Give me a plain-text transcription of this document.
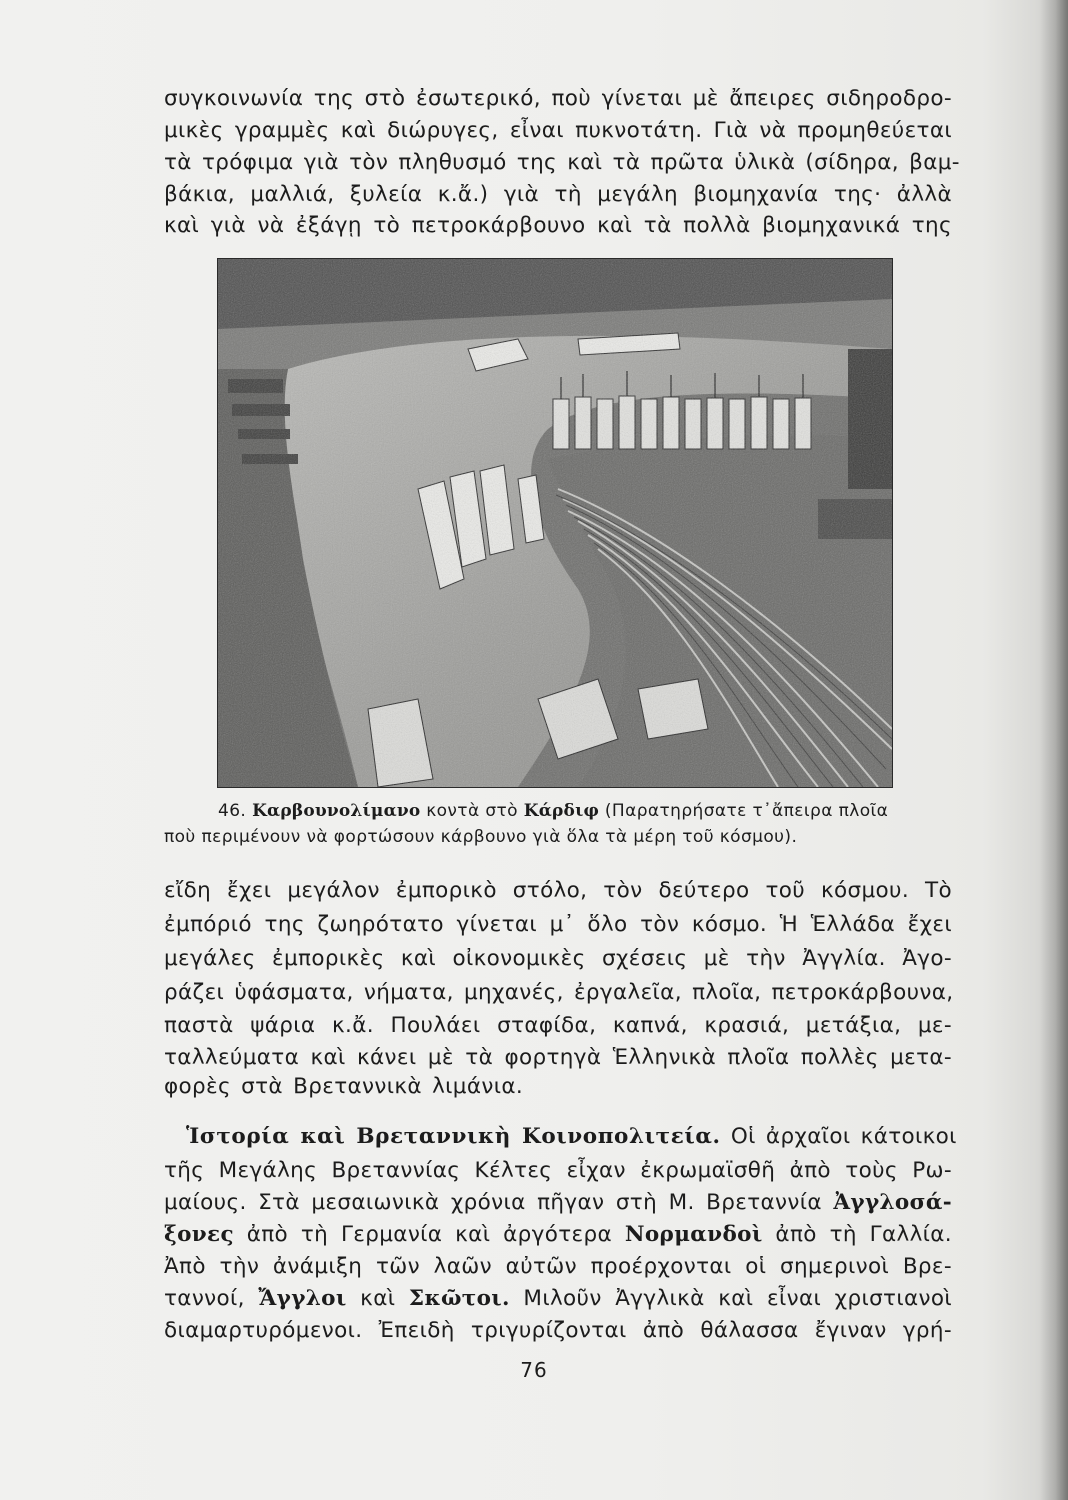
συγκοινωνία της στὸ ἐσωτερικό, ποὺ γίνεται μὲ ἄπειρες σιδηροδρο-
μικὲς γραμμὲς καὶ διώρυγες, εἶναι πυκνοτάτη. Γιὰ νὰ προμηθεύεται
τὰ τρόφιμα γιὰ τὸν πληθυσμό της καὶ τὰ πρῶτα ὑλικὰ (σίδηρα, βαμ-
βάκια, μαλλιά, ξυλεία κ.ἄ.) γιὰ τὴ μεγάλη βιομηχανία της· ἀλλὰ
καὶ γιὰ νὰ ἐξάγῃ τὸ πετροκάρβουνο καὶ τὰ πολλὰ βιομηχανικά της
46. Καρβουνολίμανο κοντὰ στὸ Κάρδιφ (Παρατηρήσατε τ᾽ἄπειρα πλοῖα
ποὺ περιμένουν νὰ φορτώσουν κάρβουνο γιὰ ὅλα τὰ μέρη τοῦ κόσμου).
εἴδη ἔχει μεγάλον ἐμπορικὸ στόλο, τὸν δεύτερο τοῦ κόσμου. Τὸ
ἐμπόριό της ζωηρότατο γίνεται μ᾽ ὅλο τὸν κόσμο. Ἡ Ἑλλάδα ἔχει
μεγάλες ἐμπορικὲς καὶ οἰκονομικὲς σχέσεις μὲ τὴν Ἀγγλία. Ἀγο-
ράζει ὑφάσματα, νήματα, μηχανές, ἐργαλεῖα, πλοῖα, πετροκάρβουνα,
παστὰ ψάρια κ.ἄ. Πουλάει σταφίδα, καπνά, κρασιά, μετάξια, με-
ταλλεύματα καὶ κάνει μὲ τὰ φορτηγὰ Ἑλληνικὰ πλοῖα πολλὲς μετα-
φορὲς στὰ Βρεταννικὰ λιμάνια.
Ἱστορία καὶ Βρεταννικὴ Κοινοπολιτεία. Οἱ ἀρχαῖοι κάτοικοι
τῆς Μεγάλης Βρεταννίας Κέλτες εἶχαν ἐκρωμαϊσθῆ ἀπὸ τοὺς Ρω-
μαίους. Στὰ μεσαιωνικὰ χρόνια πῆγαν στὴ Μ. Βρεταννία Ἀγγλοσά-
ξονες ἀπὸ τὴ Γερμανία καὶ ἀργότερα Νορμανδοὶ ἀπὸ τὴ Γαλλία.
Ἀπὸ τὴν ἀνάμιξη τῶν λαῶν αὐτῶν προέρχονται οἱ σημερινοὶ Βρε-
ταννοί, Ἄγγλοι καὶ Σκῶτοι. Μιλοῦν Ἀγγλικὰ καὶ εἶναι χριστιανοὶ
διαμαρτυρόμενοι. Ἐπειδὴ τριγυρίζονται ἀπὸ θάλασσα ἔγιναν γρή-
76
